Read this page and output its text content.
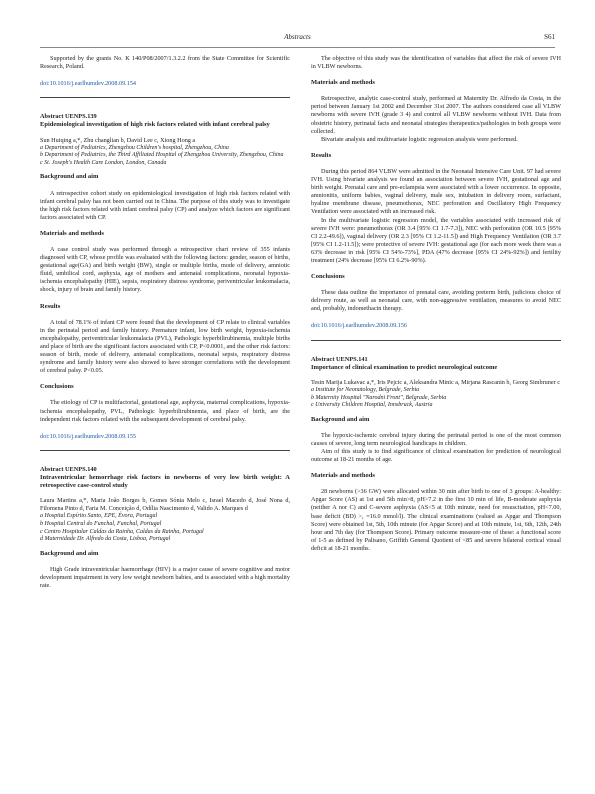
Abstracts	S61

Supported by the grants No. K 140/P08/2007/1.3.2.2 from the State Committee for Scientific Research, Poland.

doi:10.1016/j.earlhumdev.2008.09.154

Abstract UENPS.139
Epidemiological investigation of high risk factors related with infant cerebral palsy
Sun Huiqing a,*, Zhu changlian b, David Lee c, Xiong Hong a
a Department of Pediatrics, Zhengzhou Children's hospital, Zhengzhou, China
b Department of Pediatrics, the Third Affiliated Hospital of Zhengzhou University, Zhengzhou, China
c St. Joseph's Health Care London, London, Canada
Background and aim

A retrospective cohort study on epidemiological investigation of high risk factors related with infant cerebral palsy has not been carried out in China. The purpose of this study was to investigate the high risk factors related with infant cerebral palsy (CP) and analyze which factors are significant factors associated with CP.

Materials and methods

A case control study was performed through a retrospective chart review of 355 infants diagnosed with CP, whose profile was evaluated with the following factors: gender, season of births, gestational age(GA) and birth weight (BW), single or multiple births, mode of delivery, amniotic fluid, umbilical cord, asphyxia, age of mothers and antenatal complications, neonatal hypoxia-ischemia encephalopathy (HIE), sepsis, respiratory distress syndrome, periventricular leukomalacia, shock, injury of brain and family history.

Results

A total of 78.1% of infant CP were found that the development of CP relate to clinical variables in the perinatal period and family history. Premature infant, low birth weight, hypoxia-ischemia encephalopathy, periventricular leukomalacia (PVL), Pathologic hyperbilirubinemia, multiple births and place of birth are the significant factors associated with CP, P<0.0001, and the other risk factors: season of birth, mode of delivery, antenatal complications, neonatal sepsis, respiratory distress syndrome and family history were also showed to have stronger correlations with the development of cerebral palsy. P<0.05.

Conclusions

The etiology of CP is multifactorial, gestational age, asphyxia, maternal complications, hypoxia-ischemia encephalopathy, PVL, Pathologic hyperbilirubinemia, and place of birth, are the independent risk factors related with the subsequent development of cerebral palsy.

doi:10.1016/j.earlhumdev.2008.09.155

Abstract UENPS.140
Intraventricular hemorrhage risk factors in newborns of very low birth weight: A retrospective case-control study
Laura Martins a,*, Maria João Borges b, Gomes Sónia Melo c, Israel Macedo d, José Nona d, Filomena Pinto d, Faria M. Conceição d, Odília Nascimento d, Valido A. Marques d
a Hospital Espírito Santo, EPE, Évora, Portugal
b Hospital Central do Funchal, Funchal, Portugal
c Centro Hospitalar Caldas da Rainha, Caldas da Rainha, Portugal
d Maternidade Dr. Alfredo da Costa, Lisboa, Portugal
Background and aim

High Grade intraventricular haemorrhage (HIV) is a major cause of severe cognitive and motor development impairment in very low weight newborn babies, and is associated with a high mortality rate.

The objective of this study was the identification of variables that affect the risk of severe IVH in VLBW newborns.

Materials and methods

Retrospective, analytic case-control study, performed at Maternity Dr. Alfredo da Costa, in the period between January 1st 2002 and December 31st 2007. The authors considered case all VLBW newborns with severe IVH (grade 3 4) and control all VLBW newborns without IVH. Data from obstetric history, perinatal facts and neonatal strategies therapeutics/pathologies in both groups were collected.

Bivariate analysis and multivariate logistic regression analysis were performed.

Results

During this period 864 VLBW were admitted in the Neonatal Intensive Care Unit. 97 had severe IVH. Using bivariate analysis we found an association between severe IVH, gestational age and birth weight. Prenatal care and pre-eclampsia were associated with a lower occurrence. In opposite, amnionitis, uniform babies, vaginal delivery, male sex, intubation in delivery room, surfactant, hyaline membrane disease, pneumothorax, NEC perforation and Oscillatory High Frequency Ventilation were associated with an increased risk.

In the multivariate logistic regression model, the variables associated with increased risk of severe IVH were: pneumothorax (OR 3.4 [95% CI 1.7-7.3]), NEC with perforation (OR 10.5 [95% CI 2.2-49.6]), vaginal delivery (OR 2.3 [95% CI 1.2-11.5]) and High Frequency Ventilation (OR 3.7 [95% CI 1.2-11.5]); were protective of severe IVH: gestational age (for each more week there was a 63% decrease in risk [95% CI 54%-73%], PDA (47% decrease [95% CI 24%-92%]) and fertility treatment (24% decrease [95% CI 6.2%-90%).

Conclusions

These data outline the importance of prenatal care, avoiding preterm birth, judicious choice of delivery route, as well as neonatal care, with non-aggressive ventilation, measures to avoid NEC and, probably, indomethacin therapy.

doi:10.1016/j.earlhumdev.2008.09.156

Abstract UENPS.141
Importance of clinical examination to predict neurological outcome
Tesin Marija Lukavac a,*, Iris Pejcic a, Aleksandra Minic a, Mirjana Rascanin b, Georg Simbruner c
a Institute for Neonatology, Belgrade, Serbia
b Maternity Hospital "Narodni Front", Belgrade, Serbia
c University Children Hospital, Innsbruck, Austria
Background and aim

The hypoxic-ischemic cerebral injury during the perinatal period is one of the most common causes of severe, long term neurological handicaps in children.

Aim of this study is to find significance of clinical examination for prediction of neurological outcome at 18-21 months of age.

Materials and methods

28 newborns (>36 GW) were allocated within 30 min after birth to one of 3 groups: A-healthy: Apgar Score (AS) at 1st and 5th min>8, pH>7.2 in the first 10 min of life, B-moderate asphyxia (neither A nor C) and C-severe asphyxia (AS<5 at 10th minute, need for resuscitation, pH<7.00, base deficit (BD) >, =16.0 mmol/l). The clinical examinations (valued as Apgar and Thompson Score) were obtained 1st, 5th, 10th minute (for Apgar Score) and at 10th minute, 1st, 6th, 12th, 24th hour and 7th day (for Thompson Score). Primary outcome measure-one of these: a functional score of 1-5 as defined by Palisano, Griffith General Quotient of <85 and severe bilateral cortical visual deficit at 18-21 months.
